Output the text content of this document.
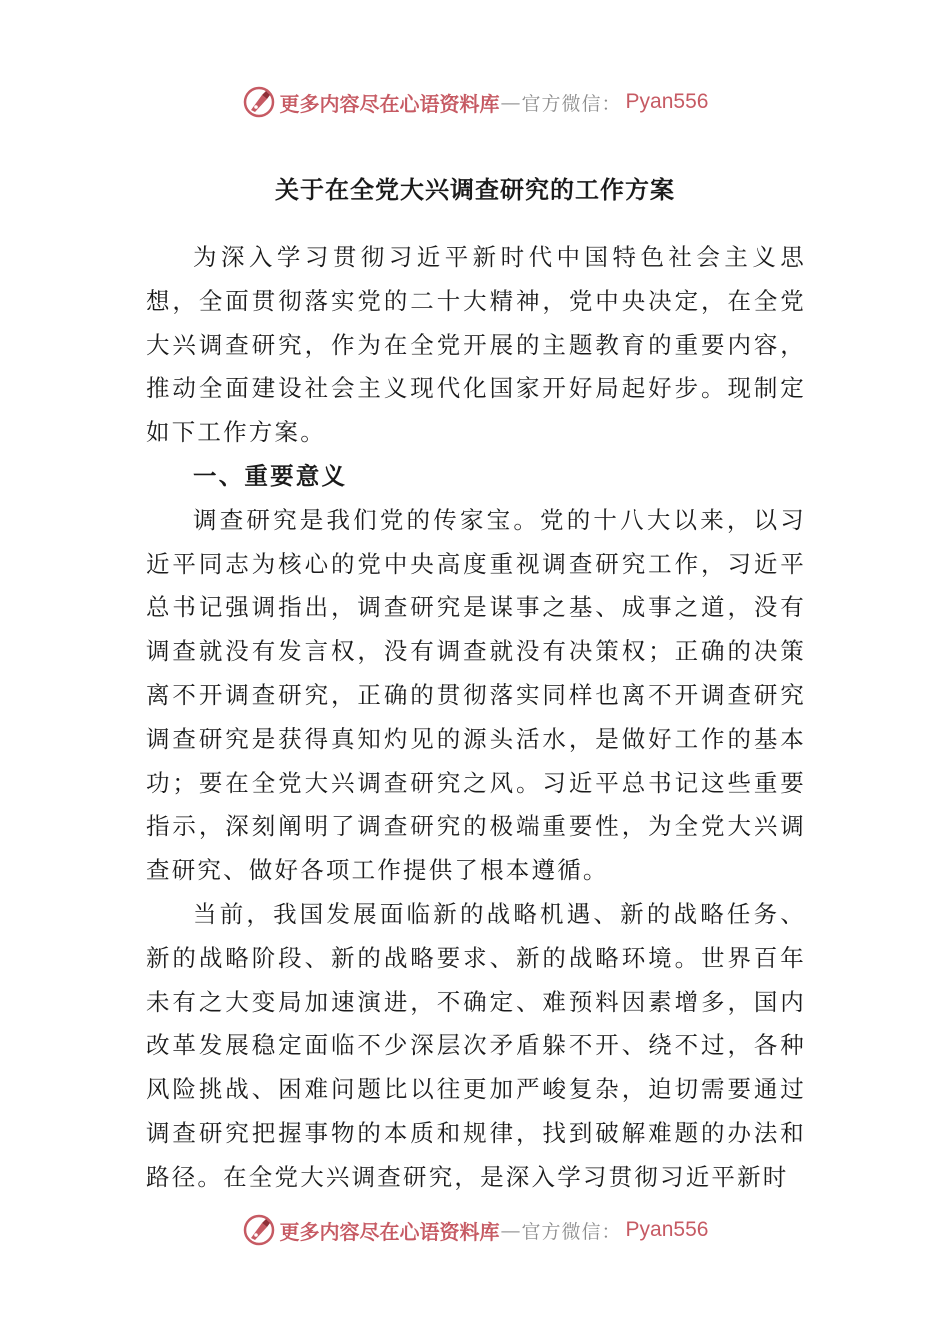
更多内容尽在心语资料库 — 官方微信： Pyan556
关于在全党大兴调查研究的工作方案

为深入学习贯彻习近平新时代中国特色社会主义思想，全面贯彻落实党的二十大精神，党中央决定，在全党大兴调查研究，作为在全党开展的主题教育的重要内容，推动全面建设社会主义现代化国家开好局起好步。现制定如下工作方案。

一、重要意义

调查研究是我们党的传家宝。党的十八大以来，以习近平同志为核心的党中央高度重视调查研究工作，习近平总书记强调指出，调查研究是谋事之基、成事之道，没有调查就没有发言权，没有调查就没有决策权；正确的决策离不开调查研究，正确的贯彻落实同样也离不开调查研究调查研究是获得真知灼见的源头活水，是做好工作的基本功；要在全党大兴调查研究之风。习近平总书记这些重要指示，深刻阐明了调查研究的极端重要性，为全党大兴调查研究、做好各项工作提供了根本遵循。

当前，我国发展面临新的战略机遇、新的战略任务、新的战略阶段、新的战略要求、新的战略环境。世界百年未有之大变局加速演进，不确定、难预料因素增多，国内改革发展稳定面临不少深层次矛盾躲不开、绕不过，各种风险挑战、困难问题比以往更加严峻复杂，迫切需要通过调查研究把握事物的本质和规律，找到破解难题的办法和路径。在全党大兴调查研究，是深入学习贯彻习近平新时

更多内容尽在心语资料库 — 官方微信： Pyan556
